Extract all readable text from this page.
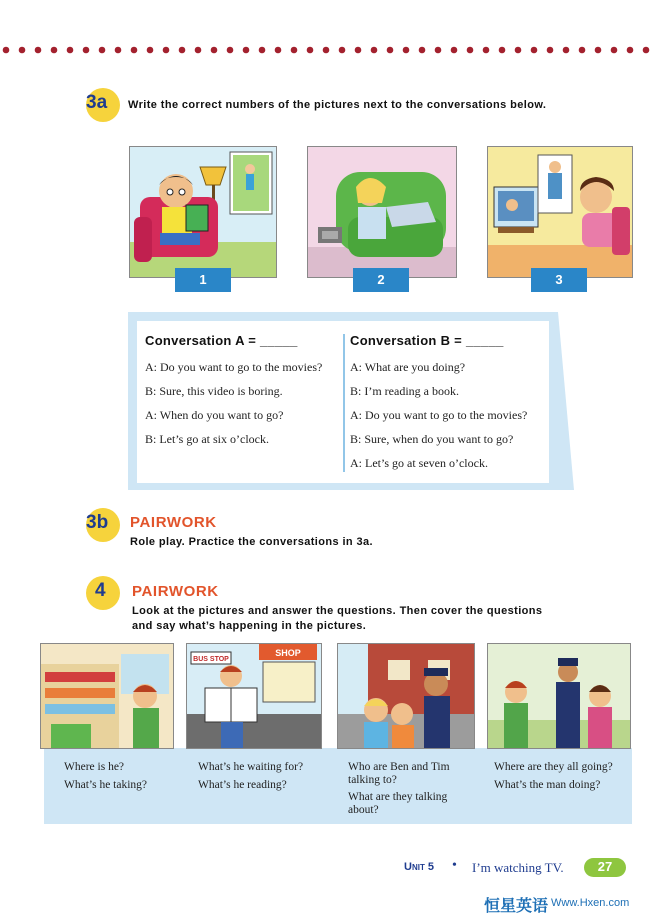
3a Write the correct numbers of the pictures next to the conversations below.
1	2	3
Conversation A = _____
A: Do you want to go to the movies?
B: Sure, this video is boring.
A: When do you want to go?
B: Let’s go at six o’clock.
Conversation B = _____
A: What are you doing?
B: I’m reading a book.
A: Do you want to go to the movies?
B: Sure, when do you want to go?
A: Let’s go at seven o’clock.
3b PAIRWORK
Role play. Practice the conversations in 3a.
4 PAIRWORK
Look at the pictures and answer the questions. Then cover the questions
and say what’s happening in the pictures.
BUS STOP
SHOP
Where is he?
What’s he taking?
What’s he waiting for?
What’s he reading?
Who are Ben and Tim talking to?
What are they talking about?
Where are they all going?
What’s the man doing?
Unit 5 • I’m watching TV.	27
恒星英语 Www.Hxen.com
